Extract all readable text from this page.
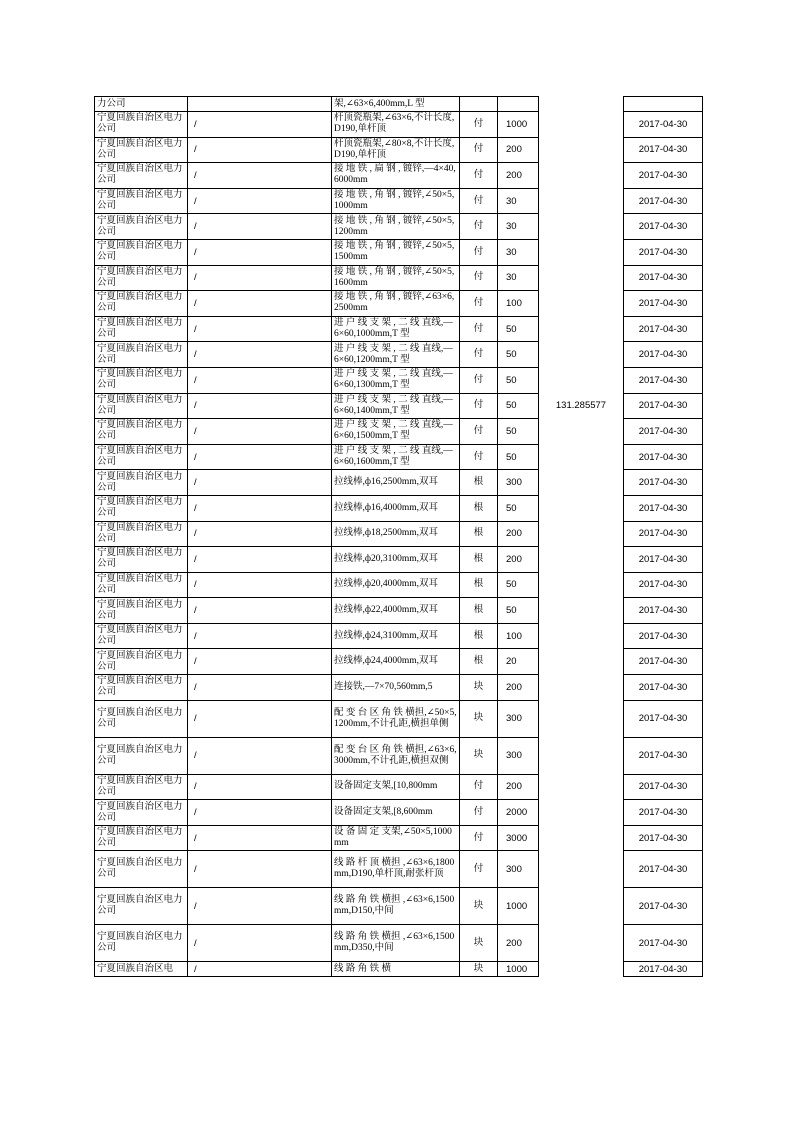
力公司		架,∠63×6,400mm,L 型				
宁夏回族自治区电力公司	/	杆顶瓷瓶架,∠63×6,不计长度,D190,单杆顶	付	1000		2017-04-30
宁夏回族自治区电力公司	/	杆顶瓷瓶架,∠80×8,不计长度,D190,单杆顶	付	200		2017-04-30
宁夏回族自治区电力公司	/	接 地 铁 , 扁 钢 , 镀锌,—4×40,6000mm	付	200		2017-04-30
宁夏回族自治区电力公司	/	接 地 铁 , 角 钢 , 镀锌,∠50×5,1000mm	付	30		2017-04-30
宁夏回族自治区电力公司	/	接 地 铁 , 角 钢 , 镀锌,∠50×5,1200mm	付	30		2017-04-30
宁夏回族自治区电力公司	/	接 地 铁 , 角 钢 , 镀锌,∠50×5,1500mm	付	30		2017-04-30
宁夏回族自治区电力公司	/	接 地 铁 , 角 钢 , 镀锌,∠50×5,1600mm	付	30		2017-04-30
宁夏回族自治区电力公司	/	接 地 铁 , 角 钢 , 镀锌,∠63×6,2500mm	付	100		2017-04-30
宁夏回族自治区电力公司	/	进 户 线 支 架 , 二 线 直线,—6×60,1000mm,T 型	付	50		2017-04-30
宁夏回族自治区电力公司	/	进 户 线 支 架 , 二 线 直线,—6×60,1200mm,T 型	付	50		2017-04-30
宁夏回族自治区电力公司	/	进 户 线 支 架 , 二 线 直线,—6×60,1300mm,T 型	付	50		2017-04-30
宁夏回族自治区电力公司	/	进 户 线 支 架 , 二 线 直线,—6×60,1400mm,T 型	付	50	131.285577	2017-04-30
宁夏回族自治区电力公司	/	进 户 线 支 架 , 二 线 直线,—6×60,1500mm,T 型	付	50		2017-04-30
宁夏回族自治区电力公司	/	进 户 线 支 架 , 二 线 直线,—6×60,1600mm,T 型	付	50		2017-04-30
宁夏回族自治区电力公司	/	拉线棒,ф16,2500mm,双耳	根	300		2017-04-30
宁夏回族自治区电力公司	/	拉线棒,ф16,4000mm,双耳	根	50		2017-04-30
宁夏回族自治区电力公司	/	拉线棒,ф18,2500mm,双耳	根	200		2017-04-30
宁夏回族自治区电力公司	/	拉线棒,ф20,3100mm,双耳	根	200		2017-04-30
宁夏回族自治区电力公司	/	拉线棒,ф20,4000mm,双耳	根	50		2017-04-30
宁夏回族自治区电力公司	/	拉线棒,ф22,4000mm,双耳	根	50		2017-04-30
宁夏回族自治区电力公司	/	拉线棒,ф24,3100mm,双耳	根	100		2017-04-30
宁夏回族自治区电力公司	/	拉线棒,ф24,4000mm,双耳	根	20		2017-04-30
宁夏回族自治区电力公司	/	连接铁,—7×70,560mm,5	块	200		2017-04-30
宁夏回族自治区电力公司	/	配 变 台 区 角 铁 横担,∠50×5,1200mm,不计孔距,横担单侧	块	300		2017-04-30
宁夏回族自治区电力公司	/	配 变 台 区 角 铁 横担,∠63×6,3000mm,不计孔距,横担双侧	块	300		2017-04-30
宁夏回族自治区电力公司	/	设备固定支架,[10,800mm	付	200		2017-04-30
宁夏回族自治区电力公司	/	设备固定支架,[8,600mm	付	2000		2017-04-30
宁夏回族自治区电力公司	/	设 备 固 定 支架,∠50×5,1000mm	付	3000		2017-04-30
宁夏回族自治区电力公司	/	线 路 杆 顶 横担 ,∠63×6,1800mm,D190,单杆顶,耐张杆顶	付	300		2017-04-30
宁夏回族自治区电力公司	/	线 路 角 铁 横担 ,∠63×6,1500mm,D150,中间	块	1000		2017-04-30
宁夏回族自治区电力公司	/	线 路 角 铁 横担 ,∠63×6,1500mm,D350,中间	块	200		2017-04-30
宁夏回族自治区电	/	线 路 角 铁 横	块	1000		2017-04-30
